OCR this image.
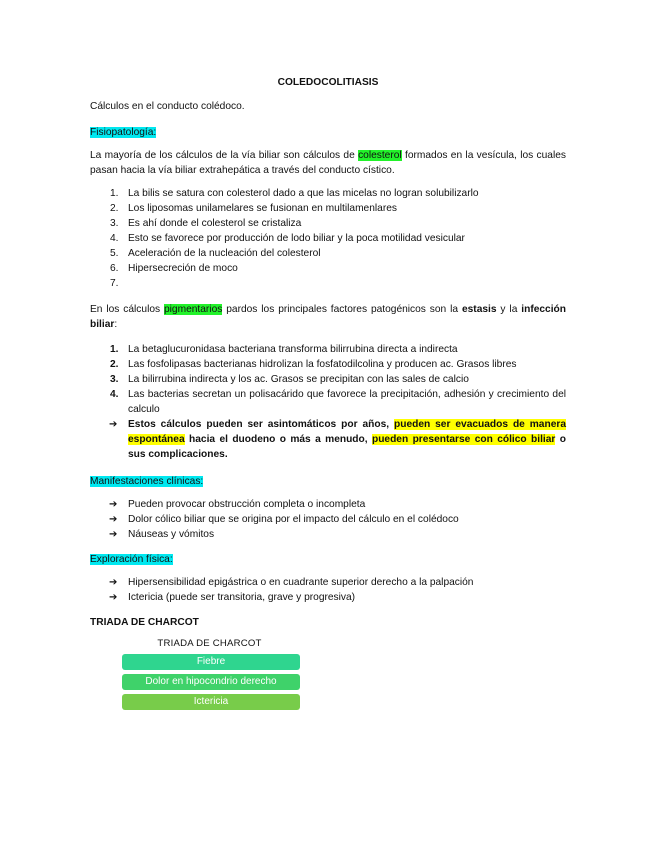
COLEDOCOLITIASIS
Cálculos en el conducto colédoco.
Fisiopatología:
La mayoría de los cálculos de la vía biliar son cálculos de colesterol formados en la vesícula, los cuales pasan hacia la vía biliar extrahepática a través del conducto cístico.
1. La bilis se satura con colesterol dado a que las micelas no logran solubilizarlo
2. Los liposomas unilamelares se fusionan en multilamenlares
3. Es ahí donde el colesterol se cristaliza
4. Esto se favorece por producción de lodo biliar y la poca motilidad vesicular
5. Aceleración de la nucleación del colesterol
6. Hipersecreción de moco
7.
En los cálculos pigmentarios pardos los principales factores patogénicos son la estasis y la infección biliar:
1. La betaglucuronidasa bacteriana transforma bilirrubina directa a indirecta
2. Las fosfolipasas bacterianas hidrolizan la fosfatodilcolina y producen ac. Grasos libres
3. La bilirrubina indirecta y los ac. Grasos se precipitan con las sales de calcio
4. Las bacterias secretan un polisacárido que favorece la precipitación, adhesión y crecimiento del calculo
➔ Estos cálculos pueden ser asintomáticos por años, pueden ser evacuados de manera espontánea hacia el duodeno o más a menudo, pueden presentarse con cólico biliar o sus complicaciones.
Manifestaciones clínicas:
➔ Pueden provocar obstrucción completa o incompleta
➔ Dolor cólico biliar que se origina por el impacto del cálculo en el colédoco
➔ Náuseas y vómitos
Exploración física:
➔ Hipersensibilidad epigástrica o en cuadrante superior derecho a la palpación
➔ Ictericia (puede ser transitoria, grave y progresiva)
TRIADA DE CHARCOT
TRIADA DE CHARCOT
Fiebre
Dolor en hipocondrio derecho
Ictericia
